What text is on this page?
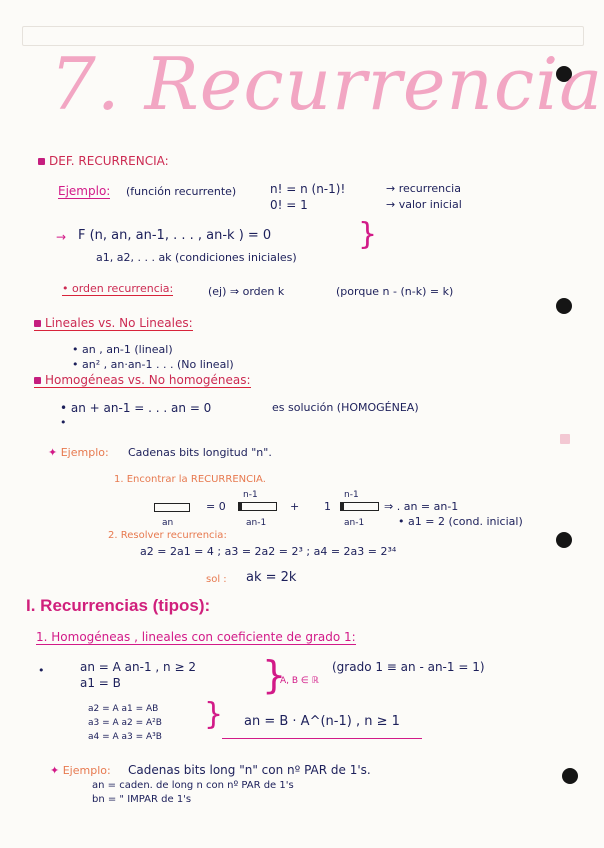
7. Recurrencia
DEF. RECURRENCIA:
Ejemplo: (función recurrente)	n! = n (n-1)!	→ recurrencia
0! = 1	→ valor inicial
→ F (n, an, an-1, . . . , an-k ) = 0	}
a1, a2, . . . ak (condiciones iniciales)
• orden recurrencia:	(ej) ⇒ orden k	(porque n - (n-k) = k)
Lineales vs. No Lineales:
• an , an-1 (lineal)
• an² , an·an-1 . . . (No lineal)
Homogéneas vs. No homogéneas:
• an + an-1 = . . . an = 0	es solución (HOMOGÉNEA)
•
✦ Ejemplo: Cadenas bits longitud "n".
1. Encontrar la RECURRENCIA.
n-1	n-1
= 0	+ 1
an	an-1	an-1
⇒ . an = an-1
• a1 = 2 (cond. inicial)
2. Resolver recurrencia:
a2 = 2a1 = 4 ; a3 = 2a2 = 2³ ; a4 = 2a3 = 2³⁴
sol : ak = 2k
I. Recurrencias (tipos):
1. Homogéneas , lineales con coeficiente de grado 1:
•	an = A an-1 , n ≥ 2
a1 = B	}
A, B ∈ ℝ
(grado 1 ≡ an - an-1 = 1)
a2 = A a1 = AB
a3 = A a2 = A²B
a4 = A a3 = A³B
} an = B · A^(n-1) , n ≥ 1
✦ Ejemplo: Cadenas bits long "n" con nº PAR de 1's.
an = caden. de long n con nº PAR de 1's
bn = " IMPAR de 1's
